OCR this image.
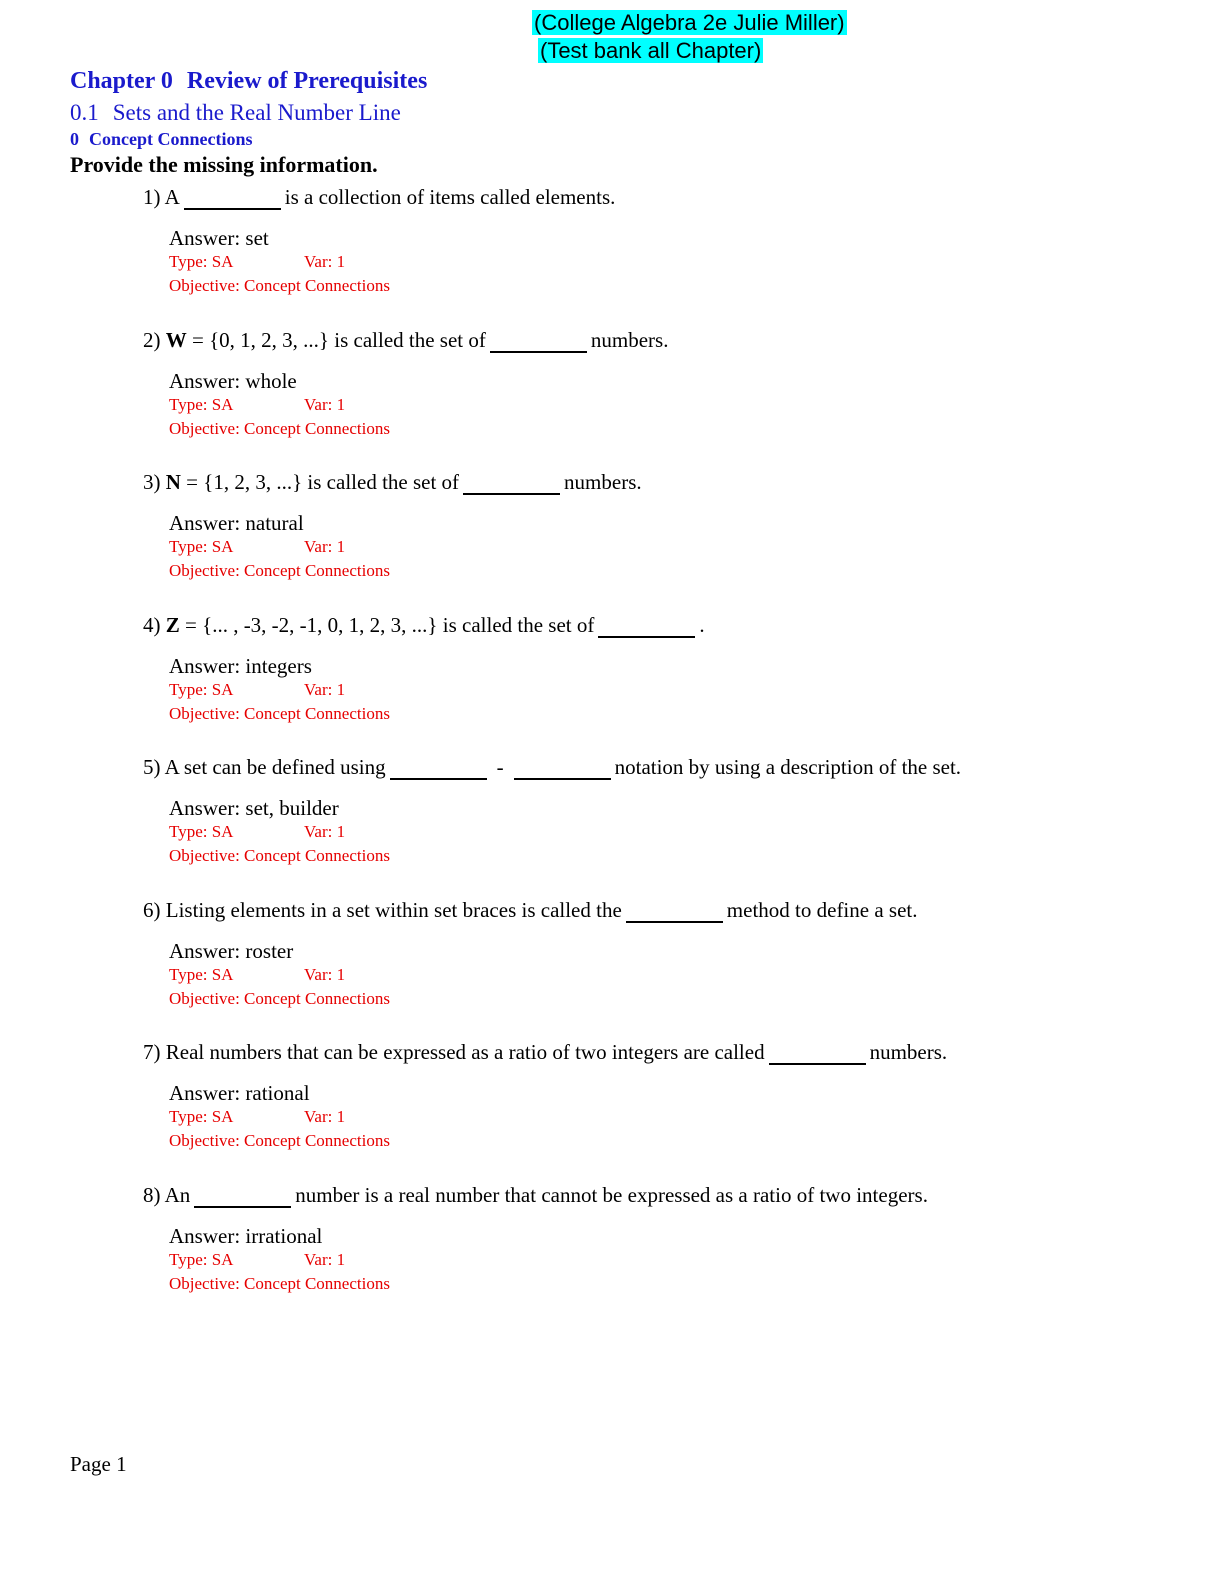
(College Algebra 2e Julie Miller)
(Test bank all Chapter)
Chapter 0 Review of Prerequisites
0.1 Sets and the Real Number Line
0 Concept Connections
Provide the missing information.
1) A	is a collection of items called elements.
Answer: set
Type: SA	Var: 1
Objective: Concept Connections
2) W = {0, 1, 2, 3, ...} is called the set of	numbers.
Answer: whole
Type: SA	Var: 1
Objective: Concept Connections
3) N = {1, 2, 3, ...} is called the set of	numbers.
Answer: natural
Type: SA	Var: 1
Objective: Concept Connections
4) Z = {... , -3, -2, -1, 0, 1, 2, 3, ...} is called the set of	.
Answer: integers
Type: SA	Var: 1
Objective: Concept Connections
5) A set can be defined using	-	notation by using a description of the set.
Answer: set, builder
Type: SA	Var: 1
Objective: Concept Connections
6) Listing elements in a set within set braces is called the	method to define a set.
Answer: roster
Type: SA	Var: 1
Objective: Concept Connections
7) Real numbers that can be expressed as a ratio of two integers are called	numbers.
Answer: rational
Type: SA	Var: 1
Objective: Concept Connections
8) An	number is a real number that cannot be expressed as a ratio of two integers.
Answer: irrational
Type: SA	Var: 1
Objective: Concept Connections
Page 1
